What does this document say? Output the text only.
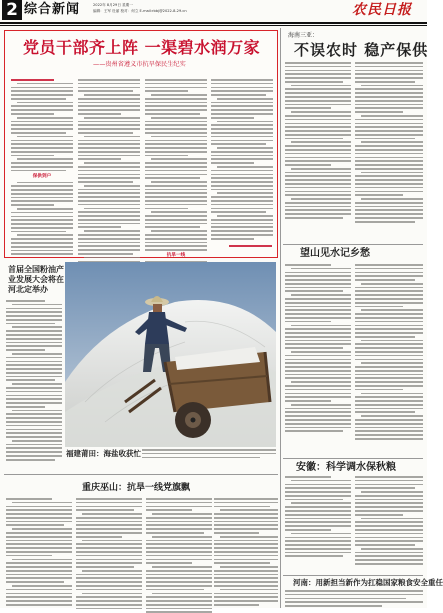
2 综合新闻	2022年 8月29日 星期一
编辑：王军 杜丽 校对：何立 E-mail:rbbj@2022-8-29.cn	农民日报
党员干部齐上阵 一渠碧水润万家
——贵州省遵义市抗旱保民生纪实
保供到户
抗旱一线
海南三亚：
不误农时 稳产保供
望山见水记乡愁
安徽：科学调水保秋粮
河南：用新担当新作为扛稳国家粮食安全重任
首届全国粉油产业发展大会将在河北定举办
福建莆田：海盐收获忙
重庆巫山：抗旱一线党旗飘
